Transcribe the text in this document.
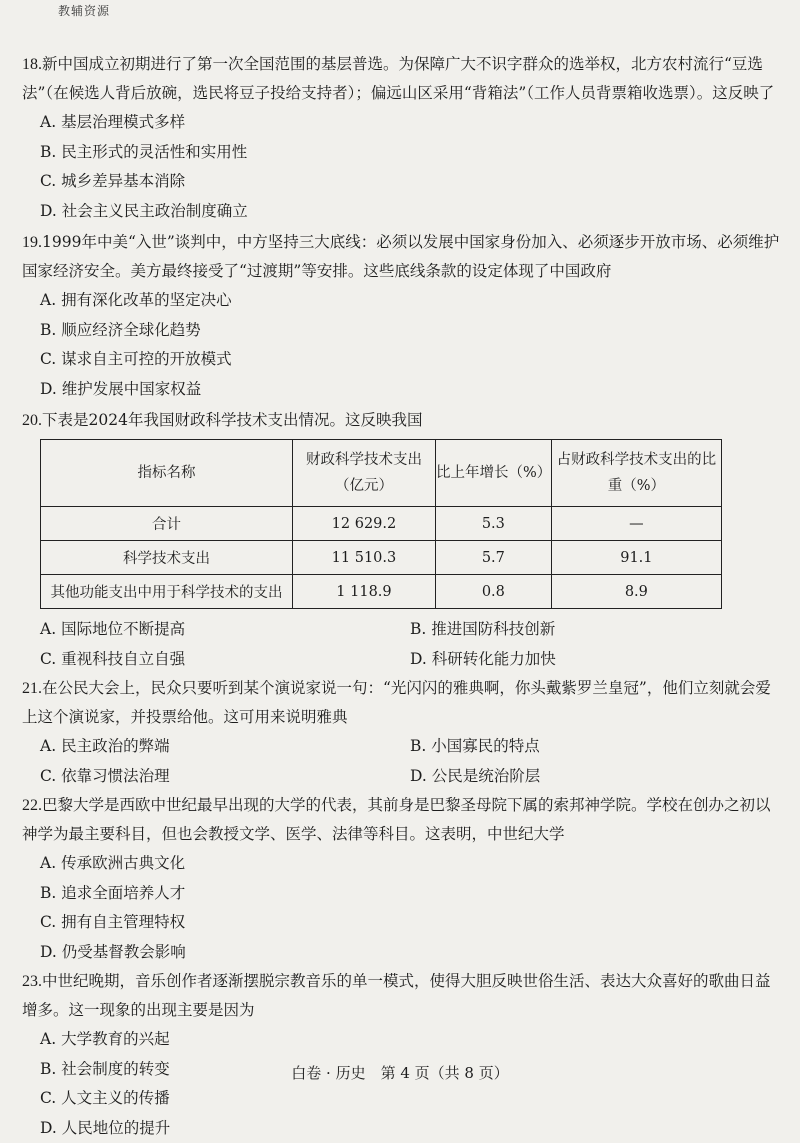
教辅资源

18.新中国成立初期进行了第一次全国范围的基层普选。为保障广大不识字群众的选举权，北方农村流行“豆选法”（在候选人背后放碗，选民将豆子投给支持者）；偏远山区采用“背箱法”（工作人员背票箱收选票）。这反映了

A. 基层治理模式多样

B. 民主形式的灵活性和实用性

C. 城乡差异基本消除

D. 社会主义民主政治制度确立

19.1999年中美“入世”谈判中，中方坚持三大底线：必须以发展中国家身份加入、必须逐步开放市场、必须维护国家经济安全。美方最终接受了“过渡期”等安排。这些底线条款的设定体现了中国政府

A. 拥有深化改革的坚定决心

B. 顺应经济全球化趋势

C. 谋求自主可控的开放模式

D. 维护发展中国家权益

20.下表是2024年我国财政科学技术支出情况。这反映我国

指标名称	财政科学技术支出（亿元）	比上年增长（%）	占财政科学技术支出的比重（%）
合计	12 629.2	5.3	—
科学技术支出	11 510.3	5.7	91.1
其他功能支出中用于科学技术的支出	1 118.9	0.8	8.9

A. 国际地位不断提高	B. 推进国防科技创新

C. 重视科技自立自强	D. 科研转化能力加快

21.在公民大会上，民众只要听到某个演说家说一句：“光闪闪的雅典啊，你头戴紫罗兰皇冠”，他们立刻就会爱上这个演说家，并投票给他。这可用来说明雅典

A. 民主政治的弊端	B. 小国寡民的特点

C. 依靠习惯法治理	D. 公民是统治阶层

22.巴黎大学是西欧中世纪最早出现的大学的代表，其前身是巴黎圣母院下属的索邦神学院。学校在创办之初以神学为最主要科目，但也会教授文学、医学、法律等科目。这表明，中世纪大学

A. 传承欧洲古典文化

B. 追求全面培养人才

C. 拥有自主管理特权

D. 仍受基督教会影响

23.中世纪晚期，音乐创作者逐渐摆脱宗教音乐的单一模式，使得大胆反映世俗生活、表达大众喜好的歌曲日益增多。这一现象的出现主要是因为

A. 大学教育的兴起

B. 社会制度的转变

C. 人文主义的传播

D. 人民地位的提升

白卷 · 历史　第 4 页（共 8 页）
